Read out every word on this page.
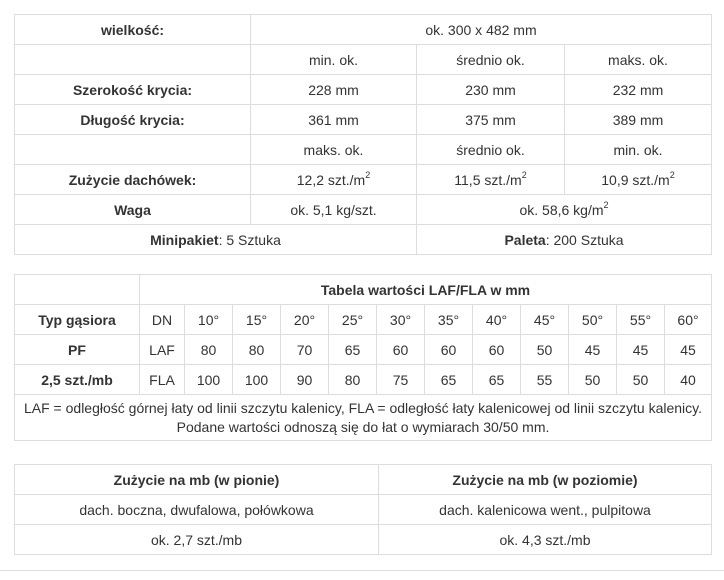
wielkość:	ok. 300 x 482 mm		
	min. ok.	średnio ok.	maks. ok.
Szerokość krycia:	228 mm	230 mm	232 mm
Długość krycia:	361 mm	375 mm	389 mm
	maks. ok.	średnio ok.	min. ok.
Zużycie dachówek:	12,2 $szt./m^2$	11,5 $szt./m^2$	10,9 $szt./m^2$
Waga	ok. 5,1 kg/szt.	ok. 58,6 $kg/m^2$
Minipakiet: 5 Sztuka		Paleta: 200 Sztuka	
	Tabela wartości LAF/FLA w mm											
Typ gąsiora	DN	10°	15°	20°	25°	30°	35°	40°	45°	50°	55°	60°
PF	LAF	80	80	70	65	60	60	60	50	45	45	45
2,5 szt./mb	FLA	100	100	90	80	75	65	65	55	50	50	40
LAF = odległość górnej łaty od linii szczytu kalenicy, FLA = odległość łaty kalenicowej od linii szczytu kalenicy. Podane wartości odnoszą się do łat o wymiarach 30/50 mm.												
Zużycie na mb (w pionie)	Zużycie na mb (w poziomie)
dach. boczna, dwufalowa, połówkowa	dach. kalenicowa went., pulpitowa
ok. 2,7 szt./mb	ok. 4,3 szt./mb
